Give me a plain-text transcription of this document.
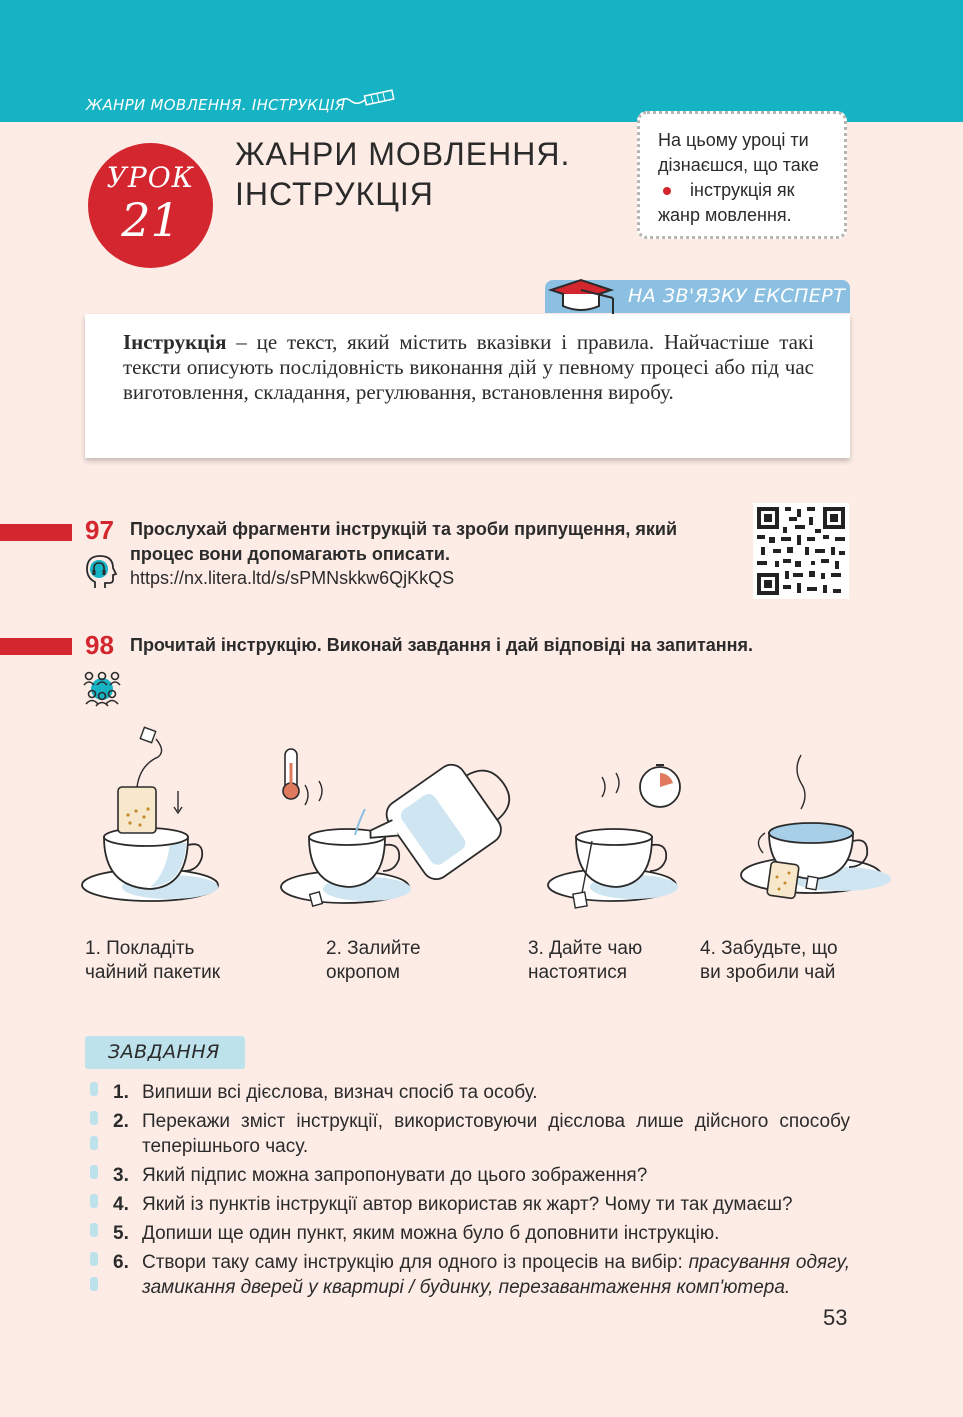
ЖАНРИ МОВЛЕННЯ. ІНСТРУКЦІЯ
УРОК
21
ЖАНРИ МОВЛЕННЯ.
ІНСТРУКЦІЯ
На цьому уроці ти
дізнаєшся, що таке
інструкція як
жанр мовлення.
НА ЗВ'ЯЗКУ ЕКСПЕРТ
Інструкція – це текст, який містить вказівки і правила. Найчастіше такі тексти описують послідовність виконання дій у певному процесі або під час виготовлення, складання, регулювання, встановлення виробу.
97 Прослухай фрагменти інструкцій та зроби припущення, який
процес вони допомагають описати.
https://nx.litera.ltd/s/sPMNskkw6QjKkQS
98 Прочитай інструкцію. Виконай завдання і дай відповіді на запитання.
1. Покладіть
чайний пакетик
2. Залийте
окропом
3. Дайте чаю
настоятися
4. Забудьте, що
ви зробили чай
ЗАВДАННЯ
1. Випиши всі дієслова, визнач спосіб та особу.
2. Перекажи зміст інструкції, використовуючи дієслова лише дійсного способу теперішнього часу.
3. Який підпис можна запропонувати до цього зображення?
4. Який із пунктів інструкції автор використав як жарт? Чому ти так думаєш?
5. Допиши ще один пункт, яким можна було б доповнити інструкцію.
6. Створи таку саму інструкцію для одного із процесів на вибір: прасування одягу, замикання дверей у квартирі / будинку, перезавантаження комп'ютера.
53
